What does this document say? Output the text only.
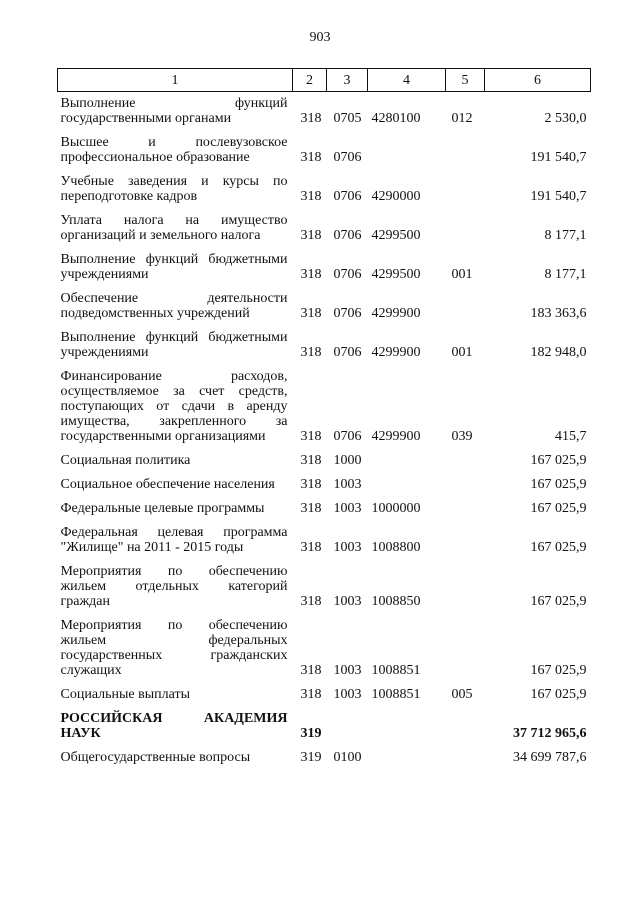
903
1	2	3	4	5	6
Выполнение функций государственными органами	318	0705	4280100	012	2 530,0
Высшее и послевузовское профессиональное образование	318	0706			191 540,7
Учебные заведения и курсы по переподготовке кадров	318	0706	4290000		191 540,7
Уплата налога на имущество организаций и земельного налога	318	0706	4299500		8 177,1
Выполнение функций бюджетными учреждениями	318	0706	4299500	001	8 177,1
Обеспечение деятельности подведомственных учреждений	318	0706	4299900		183 363,6
Выполнение функций бюджетными учреждениями	318	0706	4299900	001	182 948,0
Финансирование расходов, осуществляемое за счет средств, поступающих от сдачи в аренду имущества, закрепленного за государственными организациями	318	0706	4299900	039	415,7
Социальная политика	318	1000			167 025,9
Социальное обеспечение населения	318	1003			167 025,9
Федеральные целевые программы	318	1003	1000000		167 025,9
Федеральная целевая программа "Жилище" на 2011 - 2015 годы	318	1003	1008800		167 025,9
Мероприятия по обеспечению жильем отдельных категорий граждан	318	1003	1008850		167 025,9
Мероприятия по обеспечению жильем федеральных государственных гражданских служащих	318	1003	1008851		167 025,9
Социальные выплаты	318	1003	1008851	005	167 025,9
РОССИЙСКАЯ АКАДЕМИЯ НАУК	319				37 712 965,6
Общегосударственные вопросы	319	0100			34 699 787,6
